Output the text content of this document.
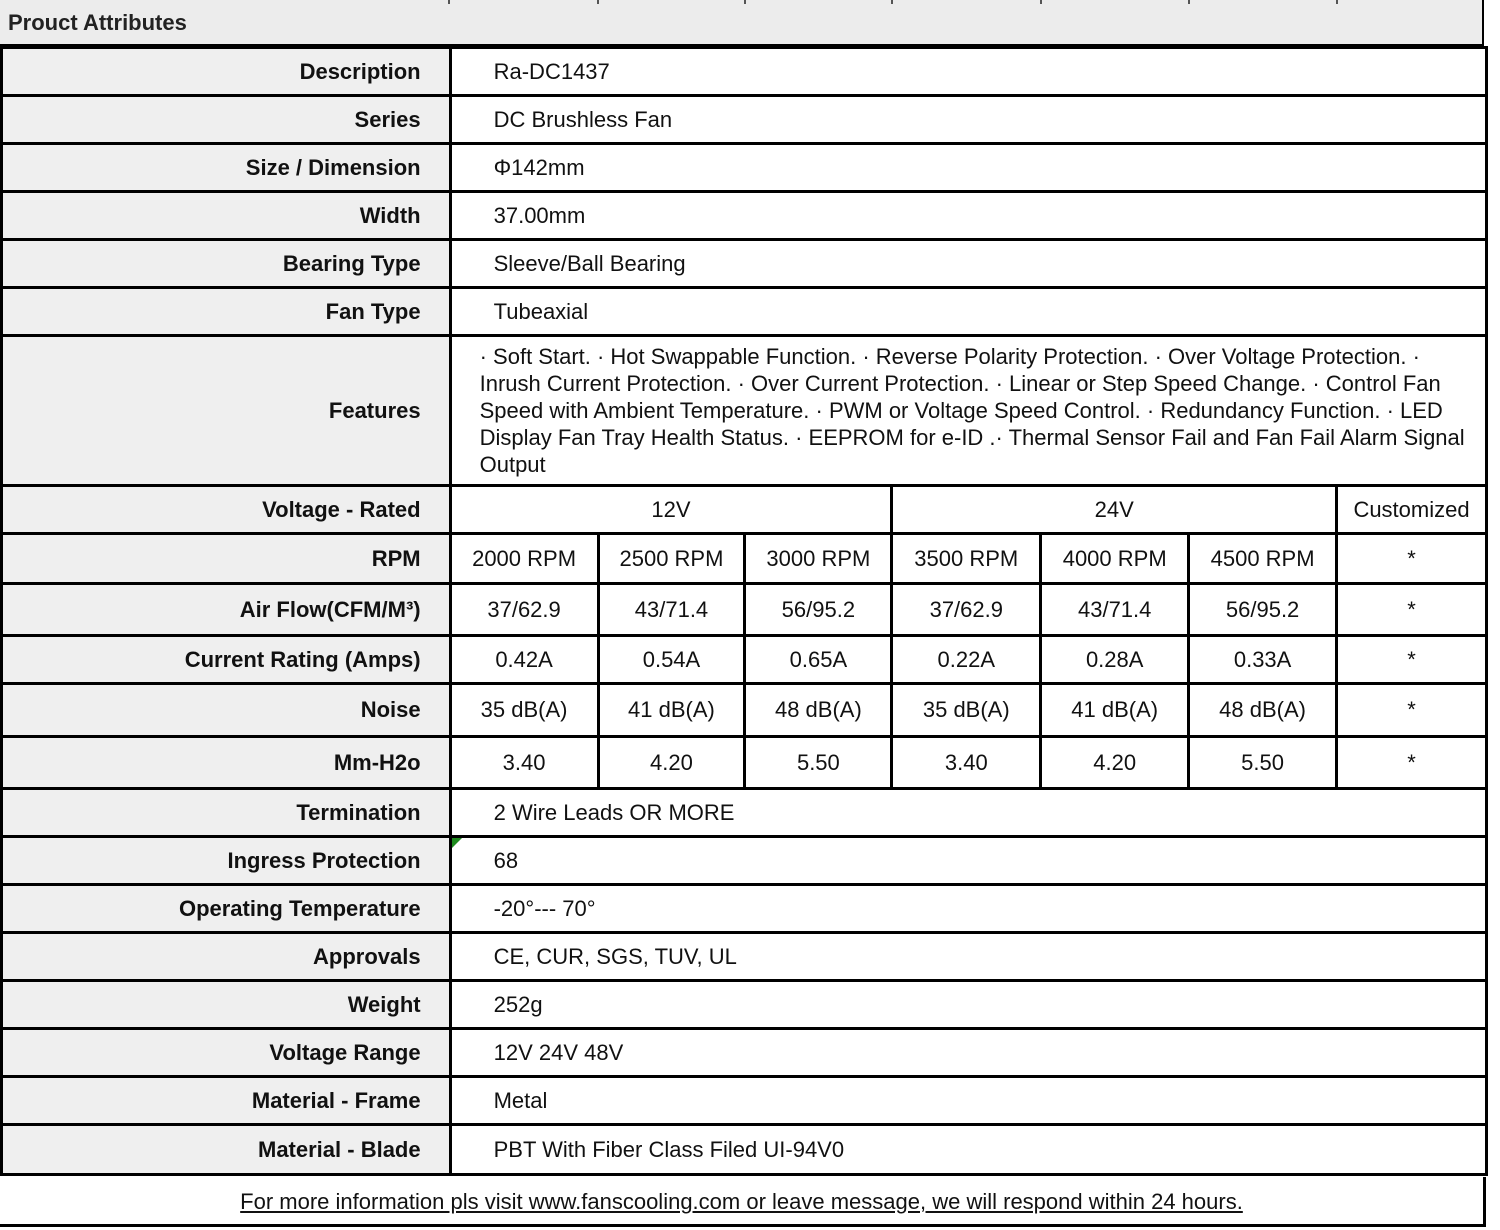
Prouct Attributes
Description	Ra-DC1437						
Series	DC Brushless Fan						
Size / Dimension	Φ142mm						
Width	37.00mm						
Bearing Type	Sleeve/Ball Bearing						
Fan Type	Tubeaxial						
Features	· Soft Start. · Hot Swappable Function. · Reverse Polarity Protection. · Over Voltage Protection. · Inrush Current Protection. · Over Current Protection. · Linear or Step Speed Change. · Control Fan Speed with Ambient Temperature. · PWM or Voltage Speed Control. · Redundancy Function. · LED Display Fan Tray Health Status. · EEPROM for e-ID .· Thermal Sensor Fail and Fan Fail Alarm Signal Output						
Voltage - Rated	12V			24V			Customized
RPM	2000 RPM	2500 RPM	3000 RPM	3500 RPM	4000 RPM	4500 RPM	*
Air Flow(CFM/M³)	37/62.9	43/71.4	56/95.2	37/62.9	43/71.4	56/95.2	*
Current Rating (Amps)	0.42A	0.54A	0.65A	0.22A	0.28A	0.33A	*
Noise	35 dB(A)	41 dB(A)	48 dB(A)	35 dB(A)	41 dB(A)	48 dB(A)	*
Mm-H2o	3.40	4.20	5.50	3.40	4.20	5.50	*
Termination	2 Wire Leads OR MORE						
Ingress Protection	68						
Operating Temperature	-20°--- 70°						
Approvals	CE, CUR, SGS, TUV, UL						
Weight	252g						
Voltage Range	12V 24V 48V						
Material - Frame	Metal						
Material - Blade	PBT With Fiber Class Filed UI-94V0						
For more information pls visit www.fanscooling.com or leave message, we will respond within 24 hours.
